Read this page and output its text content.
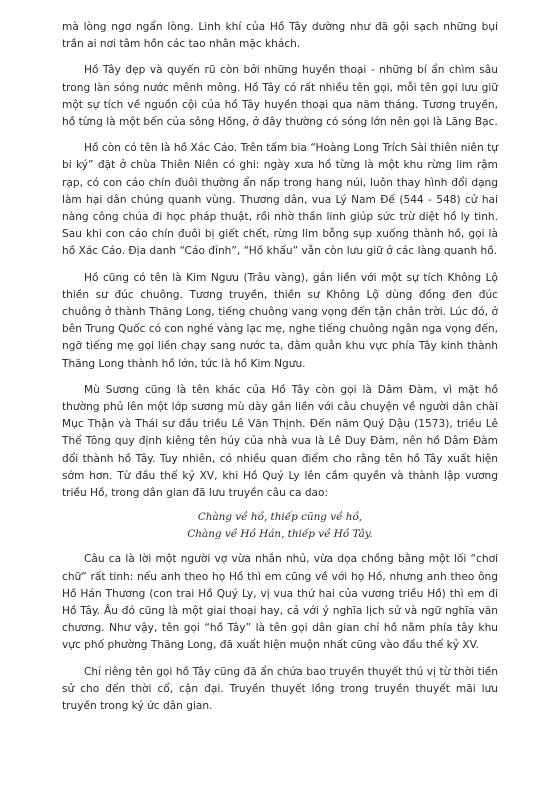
mà lòng ngơ ngẩn lòng. Linh khí của Hồ Tây dường như đã gội sạch những bụi trần ai nơi tâm hồn các tao nhân mặc khách.

Hồ Tây đẹp và quyến rũ còn bởi những huyền thoại - những bí ẩn chìm sâu trong làn sóng nước mênh mông. Hồ Tây có rất nhiều tên gọi, mỗi tên gọi lưu giữ một sự tích về nguồn cội của hồ Tây huyền thoại qua năm tháng. Tương truyền, hồ từng là một bến của sông Hồng, ở đây thường có sóng lớn nên gọi là Lãng Bạc.

Hồ còn có tên là hồ Xác Cáo. Trên tấm bia “Hoàng Long Trích Sài thiên niên tự bi ký” đặt ở chùa Thiên Niên có ghi: ngày xưa hồ từng là một khu rừng lim rậm rạp, có con cáo chín đuôi thường ẩn nấp trong hang núi, luôn thay hình đổi dạng làm hại dân chúng quanh vùng. Thương dân, vua Lý Nam Đế (544 - 548) cử hai nàng công chúa đi học pháp thuật, rồi nhờ thần linh giúp sức trừ diệt hồ ly tinh. Sau khi con cáo chín đuôi bị giết chết, rừng lim bỗng sụp xuống thành hồ, gọi là hồ Xác Cáo. Địa danh “Cáo đỉnh”, “Hồ khẩu” vẫn còn lưu giữ ở các làng quanh hồ.

Hồ cũng có tên là Kim Ngưu (Trâu vàng), gắn liền với một sự tích Không Lộ thiền sư đúc chuông. Tương truyền, thiền sư Không Lộ dùng đồng đen đúc chuông ở thành Thăng Long, tiếng chuông vang vọng đến tận chân trời. Lúc đó, ở bên Trung Quốc có con nghé vàng lạc mẹ, nghe tiếng chuông ngân nga vọng đến, ngỡ tiếng mẹ gọi liền chạy sang nước ta, đằm quẫn khu vực phía Tây kinh thành Thăng Long thành hồ lớn, tức là hồ Kim Ngưu.

Mù Sương cũng là tên khác của Hồ Tây còn gọi là Dâm Đàm, vì mặt hồ thường phủ lên một lớp sương mù dày gắn liền với câu chuyện về người dân chài Mục Thận và Thái sư đầu triều Lê Văn Thịnh. Đến năm Quý Dậu (1573), triều Lê Thế Tông quy định kiêng tên húy của nhà vua là Lê Duy Đàm, nên hồ Dâm Đàm đổi thành hồ Tây. Tuy nhiên, có nhiều quan điểm cho rằng tên hồ Tây xuất hiện sớm hơn. Từ đầu thế kỷ XV, khi Hồ Quý Ly lên cầm quyền và thành lập vương triều Hồ, trong dân gian đã lưu truyền câu ca dao:

Chàng về hồ, thiếp cũng về hồ,
Chàng về Hồ Hán, thiếp về Hồ Tây.

Câu ca là lời một người vợ vừa nhắn nhủ, vừa dọa chồng bằng một lối “chơi chữ” rất tinh: nếu anh theo họ Hồ thì em cũng về với họ Hồ, nhưng anh theo ông Hồ Hán Thương (con trai Hồ Quý Ly, vị vua thứ hai của vương triều Hồ) thì em đi Hồ Tây. Âu đó cũng là một giai thoại hay, cả với ý nghĩa lịch sử và ngữ nghĩa văn chương. Như vậy, tên gọi “hồ Tây” là tên gọi dân gian chỉ hồ nằm phía tây khu vực phố phường Thăng Long, đã xuất hiện muộn nhất cũng vào đầu thế kỷ XV.

Chỉ riêng tên gọi hồ Tây cũng đã ẩn chứa bao truyền thuyết thú vị từ thời tiền sử cho đến thời cổ, cận đại. Truyền thuyết lồng trong truyền thuyết mãi lưu truyền trong ký ức dân gian.
